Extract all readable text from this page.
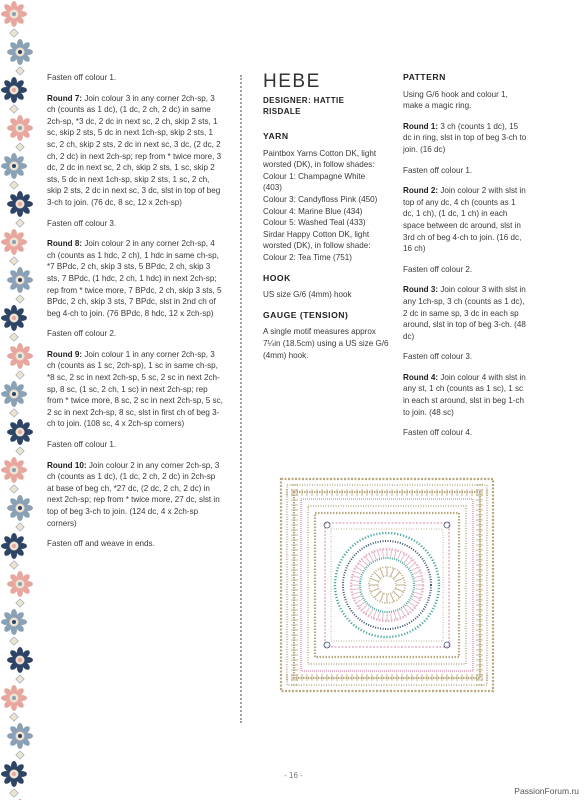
Fasten off colour 1.

Round 7: Join colour 3 in any corner 2ch-sp, 3 ch (counts as 1 dc), (1 dc, 2 ch, 2 dc) in same 2ch-sp, *3 dc, 2 dc in next sc, 2 ch, skip 2 sts, 1 sc, skip 2 sts, 5 dc in next 1ch-sp, skip 2 sts, 1 sc, 2 ch, skip 2 sts, 2 dc in next sc, 3 dc, (2 dc, 2 ch, 2 dc) in next 2ch-sp; rep from * twice more, 3 dc, 2 dc in next sc, 2 ch, skip 2 sts, 1 sc, skip 2 sts, 5 dc in next 1ch-sp, skip 2 sts, 1 sc, 2 ch, skip 2 sts, 2 dc in next sc, 3 dc, slst in top of beg 3-ch to join. (76 dc, 8 sc, 12 x 2ch-sp)

Fasten off colour 3.

Round 8: Join colour 2 in any corner 2ch-sp, 4 ch (counts as 1 hdc, 2 ch), 1 hdc in same ch-sp, *7 BPdc, 2 ch, skip 3 sts, 5 BPdc, 2 ch, skip 3 sts, 7 BPdc, (1 hdc, 2 ch, 1 hdc) in next 2ch-sp; rep from * twice more, 7 BPdc, 2 ch, skip 3 sts, 5 BPdc, 2 ch, skip 3 sts, 7 BPdc, slst in 2nd ch of beg 4-ch to join. (76 BPdc, 8 hdc, 12 x 2ch-sp)

Fasten off colour 2.

Round 9: Join colour 1 in any corner 2ch-sp, 3 ch (counts as 1 sc, 2ch-sp), 1 sc in same ch-sp, *8 sc, 2 sc in next 2ch-sp, 5 sc, 2 sc in next 2ch-sp, 8 sc, (1 sc, 2 ch, 1 sc) in next 2ch-sp; rep from * twice more, 8 sc, 2 sc in next 2ch-sp, 5 sc, 2 sc in next 2ch-sp, 8 sc, slst in first ch of beg 3-ch to join. (108 sc, 4 x 2ch-sp corners)

Fasten off colour 1.

Round 10: Join colour 2 in any corner 2ch-sp, 3 ch (counts as 1 dc), (1 dc, 2 ch, 2 dc) in 2ch-sp at base of beg ch, *27 dc, (2 dc, 2 ch, 2 dc) in next 2ch-sp; rep from * twice more, 27 dc, slst in top of beg 3-ch to join. (124 dc, 4 x 2ch-sp corners)

Fasten off and weave in ends.

HEBE
DESIGNER: HATTIE
RISDALE
YARN

Paintbox Yarns Cotton DK, light
worsted (DK), in follow shades:
Colour 1: Champagne White
(403)
Colour 3: Candyfloss Pink (450)
Colour 4: Marine Blue (434)
Colour 5: Washed Teal (433)
Sirdar Happy Cotton DK, light
worsted (DK), in follow shade:
Colour 2: Tea Time (751)

HOOK

US size G/6 (4mm) hook

GAUGE (TENSION)

A single motif measures approx 7¼in (18.5cm) using a US size G/6 (4mm) hook.

PATTERN

Using G/6 hook and colour 1, make a magic ring.

Round 1: 3 ch (counts 1 dc), 15 dc in ring, slst in top of beg 3-ch to join. (16 dc)

Fasten off colour 1.

Round 2: Join colour 2 with slst in top of any dc, 4 ch (counts as 1 dc, 1 ch), (1 dc, 1 ch) in each space between dc around, slst in 3rd ch of beg 4-ch to join. (16 dc, 16 ch)

Fasten off colour 2.

Round 3: Join colour 3 with slst in any 1ch-sp, 3 ch (counts as 1 dc), 2 dc in same sp, 3 dc in each sp around, slst in top of beg 3-ch. (48 dc)

Fasten off colour 3.

Round 4: Join colour 4 with slst in any st, 1 ch (counts as 1 sc), 1 sc in each st around, slst in beg 1-ch to join. (48 sc)

Fasten off colour 4.

- 16 -
PassionForum.ru
